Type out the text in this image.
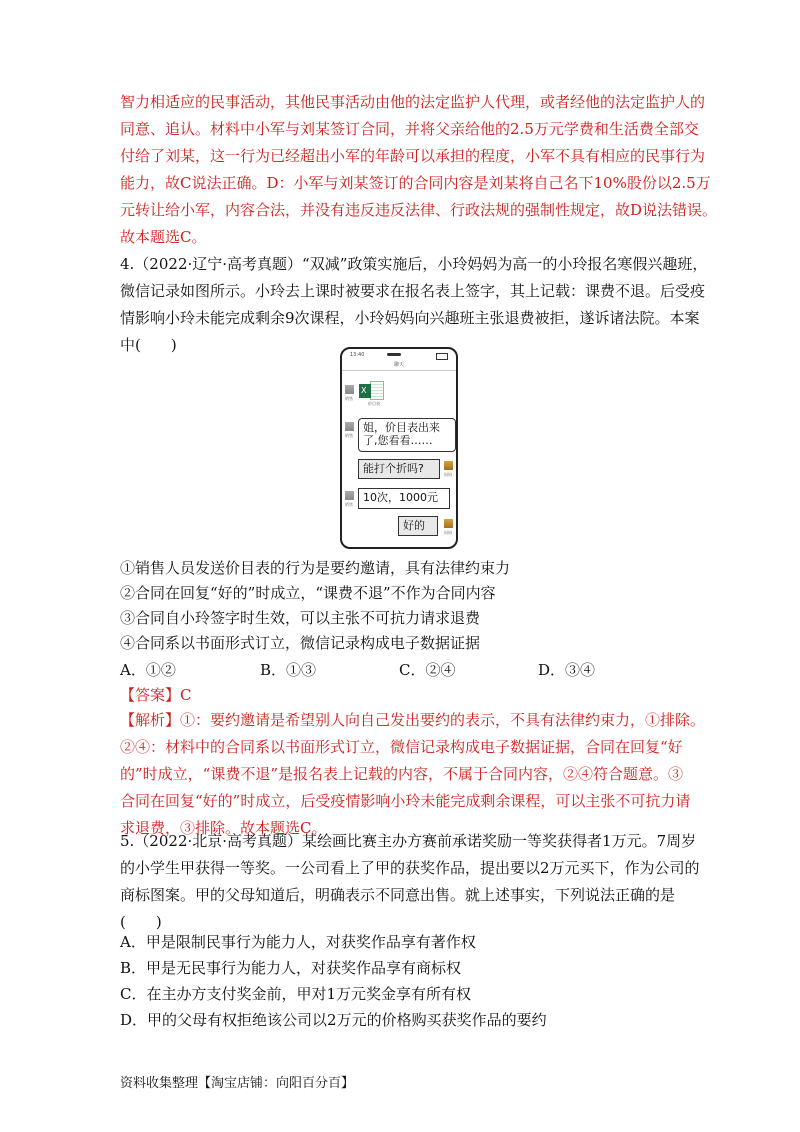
智力相适应的民事活动，其他民事活动由他的法定监护人代理，或者经他的法定监护人的
同意、追认。材料中小军与刘某签订合同，并将父亲给他的2.5万元学费和生活费全部交
付给了刘某，这一行为已经超出小军的年龄可以承担的程度，小军不具有相应的民事行为
能力，故C说法正确。D：小军与刘某签订的合同内容是刘某将自己名下10%股份以2.5万
元转让给小军，内容合法，并没有违反违反法律、行政法规的强制性规定，故D说法错误。
故本题选C。
4.（2022·辽宁·高考真题）“双减”政策实施后，小玲妈妈为高一的小玲报名寒假兴趣班，
微信记录如图所示。小玲去上课时被要求在报名表上签字，其上记载：课费不退。后受疫
情影响小玲未能完成剩余9次课程，小玲妈妈向兴趣班主张退费被拒，遂诉诸法院。本案
中(　　)
13:40
聊天
销售
X
价目表
销售
姐，价目表出来
了,您看看……
能打个折吗?	妈妈
销售
10次，1000元
好的
妈妈
①销售人员发送价目表的行为是要约邀请，具有法律约束力
②合同在回复“好的”时成立，“课费不退”不作为合同内容
③合同自小玲签字时生效，可以主张不可抗力请求退费
④合同系以书面形式订立，微信记录构成电子数据证据
A．①②	B．①③	C．②④	D．③④
【答案】C
【解析】①：要约邀请是希望别人向自己发出要约的表示，不具有法律约束力，①排除。
②④：材料中的合同系以书面形式订立，微信记录构成电子数据证据，合同在回复“好
的”时成立，“课费不退”是报名表上记载的内容，不属于合同内容，②④符合题意。③
合同在回复“好的”时成立，后受疫情影响小玲未能完成剩余课程，可以主张不可抗力请
求退费，③排除。故本题选C。
5.（2022·北京·高考真题）某绘画比赛主办方赛前承诺奖励一等奖获得者1万元。7周岁
的小学生甲获得一等奖。一公司看上了甲的获奖作品，提出要以2万元买下，作为公司的
商标图案。甲的父母知道后，明确表示不同意出售。就上述事实，下列说法正确的是
(　　)
A．甲是限制民事行为能力人，对获奖作品享有著作权
B．甲是无民事行为能力人，对获奖作品享有商标权
C．在主办方支付奖金前，甲对1万元奖金享有所有权
D．甲的父母有权拒绝该公司以2万元的价格购买获奖作品的要约
资料收集整理【淘宝店铺：向阳百分百】
